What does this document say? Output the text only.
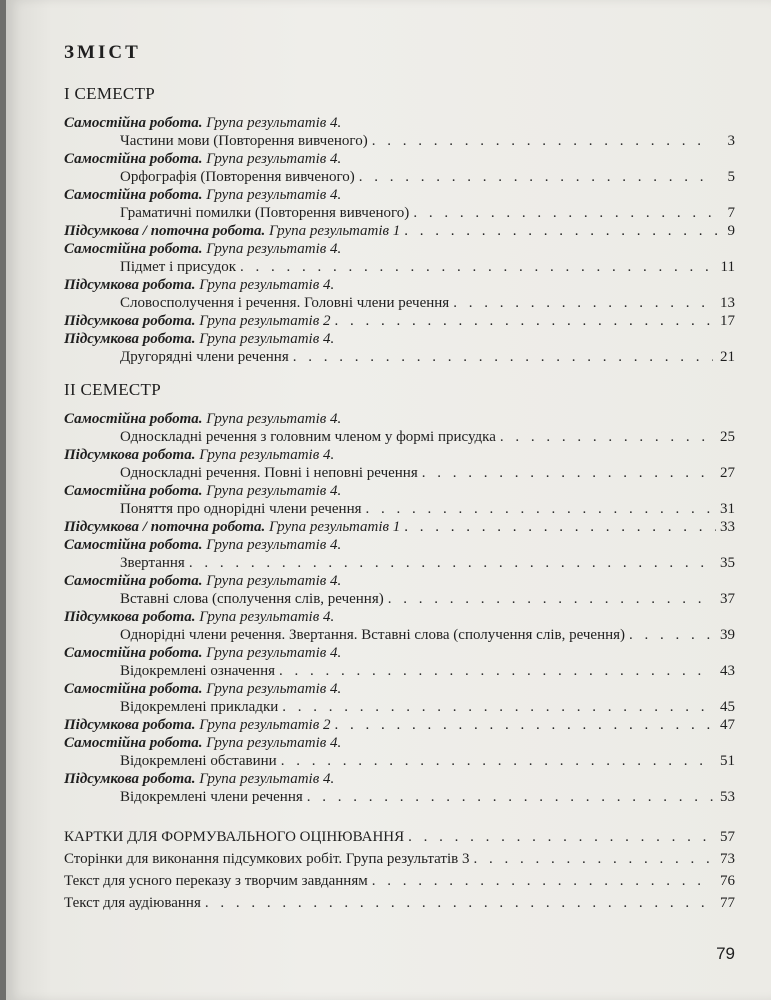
ЗМІСТ
І СЕМЕСТР
Самостійна робота. Група результатів 4.
Частини мови (Повторення вивченого) . . .	3
Самостійна робота. Група результатів 4.
Орфографія (Повторення вивченого) . . .	5
Самостійна робота. Група результатів 4.
Граматичні помилки (Повторення вивченого) . . .	7
Підсумкова / поточна робота. Група результатів 1 . . .	9
Самостійна робота. Група результатів 4.
Підмет і присудок . . .	11
Підсумкова робота. Група результатів 4.
Словосполучення і речення. Головні члени речення . . .	13
Підсумкова робота. Група результатів 2 . . .	17
Підсумкова робота. Група результатів 4.
Другорядні члени речення . . .	21
ІІ СЕМЕСТР
Самостійна робота. Група результатів 4.
Односкладні речення з головним членом у формі присудка . . .	25
Підсумкова робота. Група результатів 4.
Односкладні речення. Повні і неповні речення . . .	27
Самостійна робота. Група результатів 4.
Поняття про однорідні члени речення . . .	31
Підсумкова / поточна робота. Група результатів 1 . . .	33
Самостійна робота. Група результатів 4.
Звертання . . .	35
Самостійна робота. Група результатів 4.
Вставні слова (сполучення слів, речення) . . .	37
Підсумкова робота. Група результатів 4.
Однорідні члени речення. Звертання. Вставні слова (сполучення слів, речення) . . .	39
Самостійна робота. Група результатів 4.
Відокремлені означення . . .	43
Самостійна робота. Група результатів 4.
Відокремлені прикладки . . .	45
Підсумкова робота. Група результатів 2 . . .	47
Самостійна робота. Група результатів 4.
Відокремлені обставини . . .	51
Підсумкова робота. Група результатів 4.
Відокремлені члени речення . . .	53
КАРТКИ ДЛЯ ФОРМУВАЛЬНОГО ОЦІНЮВАННЯ . . .	57
Сторінки для виконання підсумкових робіт. Група результатів 3 . . .	73
Текст для усного переказу з творчим завданням . . .	76
Текст для аудіювання . . .	77
79
